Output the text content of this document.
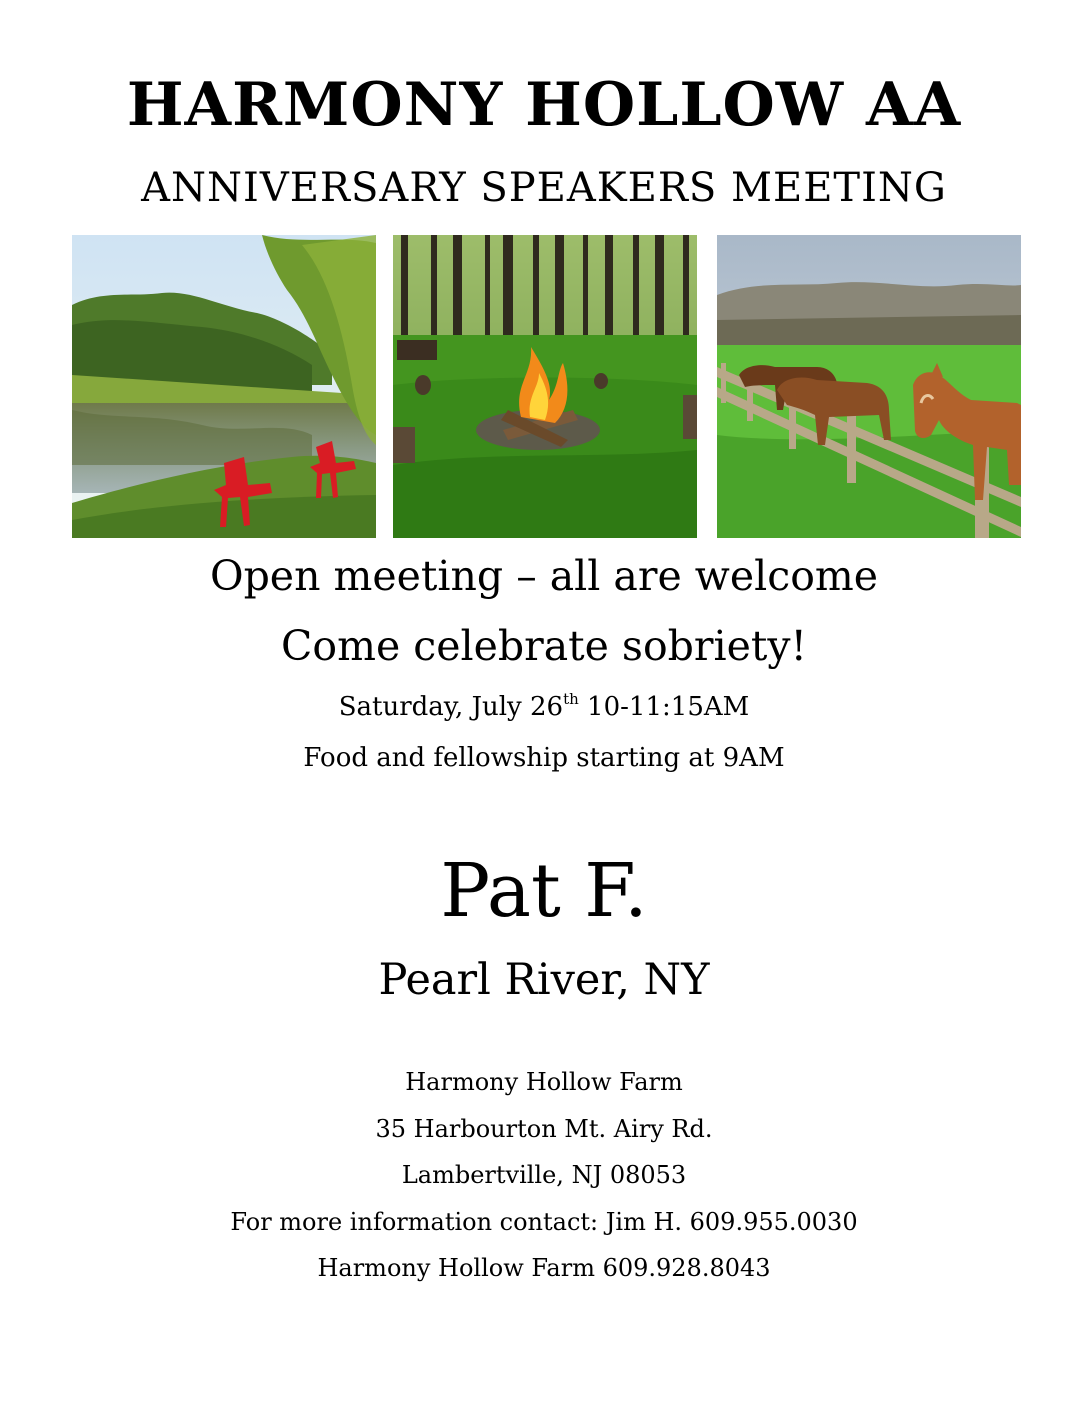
HARMONY HOLLOW AA
ANNIVERSARY SPEAKERS MEETING
Open meeting – all are welcome
Come celebrate sobriety!
Saturday, July 26th 10-11:15AM
Food and fellowship starting at 9AM
Pat F.
Pearl River, NY
Harmony Hollow Farm
35 Harbourton Mt. Airy Rd.
Lambertville, NJ 08053
For more information contact: Jim H. 609.955.0030
Harmony Hollow Farm 609.928.8043
